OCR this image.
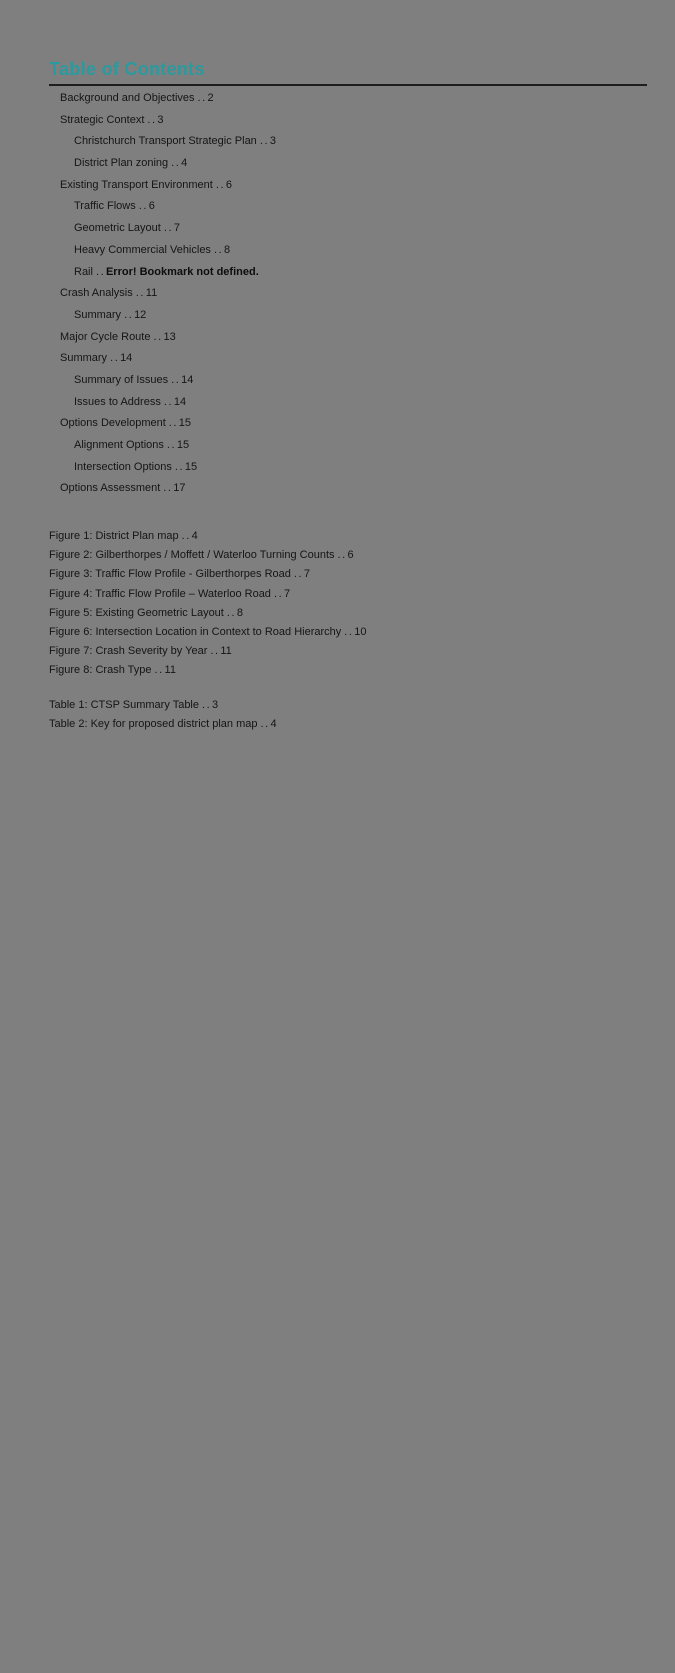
Table of Contents
Background and Objectives ..... 2
Strategic Context ..... 3
Christchurch Transport Strategic Plan ..... 3
District Plan zoning ..... 4
Existing Transport Environment ..... 6
Traffic Flows ..... 6
Geometric Layout ..... 7
Heavy Commercial Vehicles ..... 8
Rail ..... Error! Bookmark not defined.
Crash Analysis ..... 11
Summary ..... 12
Major Cycle Route ..... 13
Summary ..... 14
Summary of Issues ..... 14
Issues to Address ..... 14
Options Development ..... 15
Alignment Options ..... 15
Intersection Options ..... 15
Options Assessment ..... 17
Figure 1: District Plan map ..... 4
Figure 2: Gilberthorpes / Moffett / Waterloo Turning Counts ..... 6
Figure 3: Traffic Flow Profile - Gilberthorpes Road ..... 7
Figure 4: Traffic Flow Profile – Waterloo Road ..... 7
Figure 5: Existing Geometric Layout ..... 8
Figure 6: Intersection Location in Context to Road Hierarchy ..... 10
Figure 7: Crash Severity by Year ..... 11
Figure 8: Crash Type ..... 11
Table 1: CTSP Summary Table ..... 3
Table 2: Key for proposed district plan map ..... 4
